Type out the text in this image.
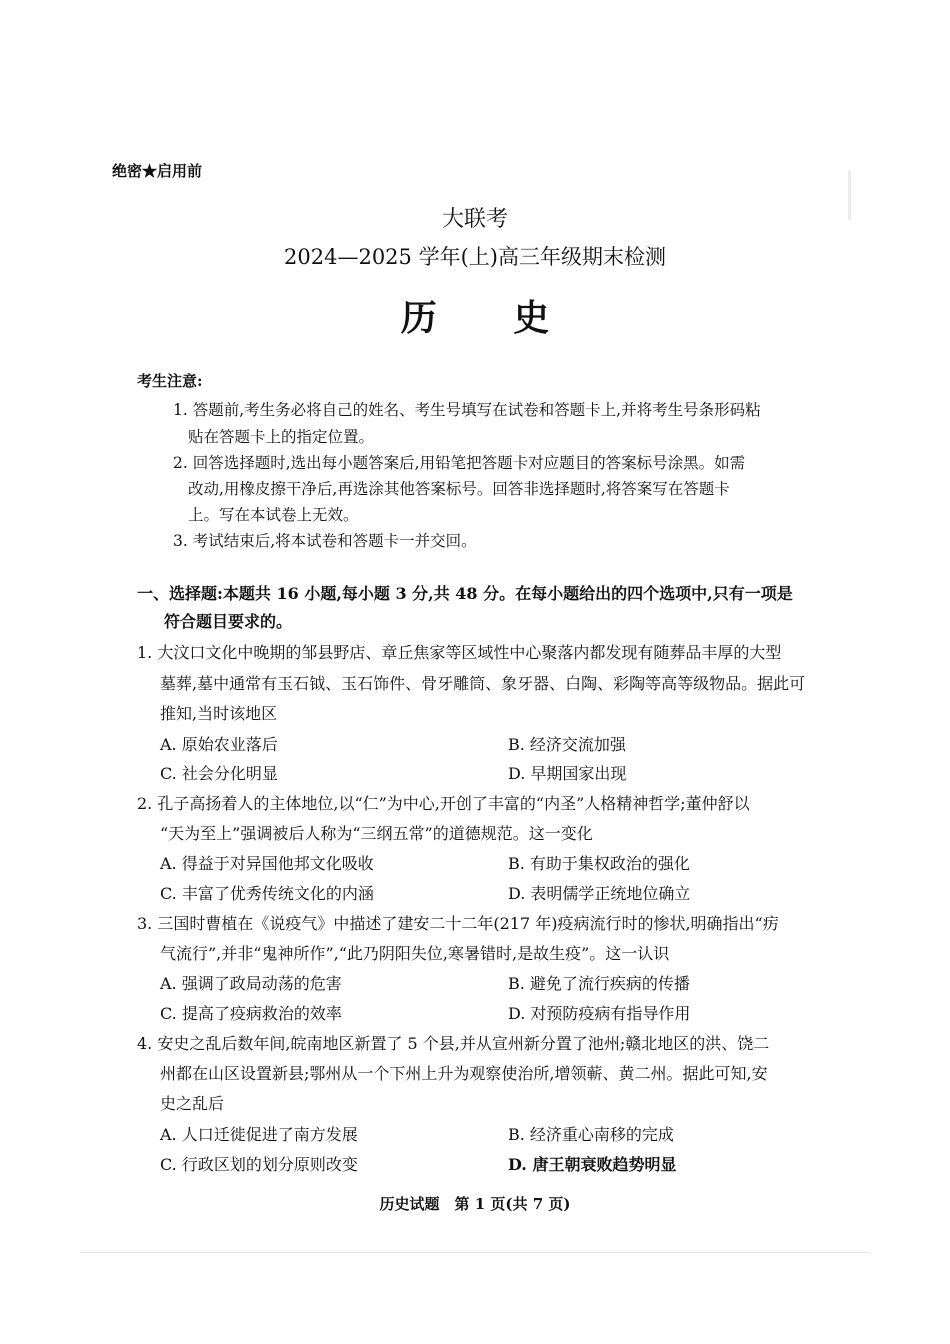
绝密★启用前
大联考
2024—2025 学年(上)高三年级期末检测
历 史
考生注意:
1. 答题前,考生务必将自己的姓名、考生号填写在试卷和答题卡上,并将考生号条形码粘
贴在答题卡上的指定位置。
2. 回答选择题时,选出每小题答案后,用铅笔把答题卡对应题目的答案标号涂黑。如需
改动,用橡皮擦干净后,再选涂其他答案标号。回答非选择题时,将答案写在答题卡
上。写在本试卷上无效。
3. 考试结束后,将本试卷和答题卡一并交回。
一、选择题:本题共 16 小题,每小题 3 分,共 48 分。在每小题给出的四个选项中,只有一项是
符合题目要求的。
1. 大汶口文化中晚期的邹县野店、章丘焦家等区域性中心聚落内都发现有随葬品丰厚的大型
墓葬,墓中通常有玉石钺、玉石饰件、骨牙雕筒、象牙器、白陶、彩陶等高等级物品。据此可
推知,当时该地区
A. 原始农业落后	B. 经济交流加强
C. 社会分化明显	D. 早期国家出现
2. 孔子高扬着人的主体地位,以“仁”为中心,开创了丰富的“内圣”人格精神哲学;董仲舒以
“天为至上”强调被后人称为“三纲五常”的道德规范。这一变化
A. 得益于对异国他邦文化吸收	B. 有助于集权政治的强化
C. 丰富了优秀传统文化的内涵	D. 表明儒学正统地位确立
3. 三国时曹植在《说疫气》中描述了建安二十二年(217 年)疫病流行时的惨状,明确指出“疠
气流行”,并非“鬼神所作”,“此乃阴阳失位,寒暑错时,是故生疫”。这一认识
A. 强调了政局动荡的危害	B. 避免了流行疾病的传播
C. 提高了疫病救治的效率	D. 对预防疫病有指导作用
4. 安史之乱后数年间,皖南地区新置了 5 个县,并从宣州新分置了池州;赣北地区的洪、饶二
州都在山区设置新县;鄂州从一个下州上升为观察使治所,增领蕲、黄二州。据此可知,安
史之乱后
A. 人口迁徙促进了南方发展	B. 经济重心南移的完成
C. 行政区划的划分原则改变	D. 唐王朝衰败趋势明显
历史试题　第 1 页(共 7 页)
